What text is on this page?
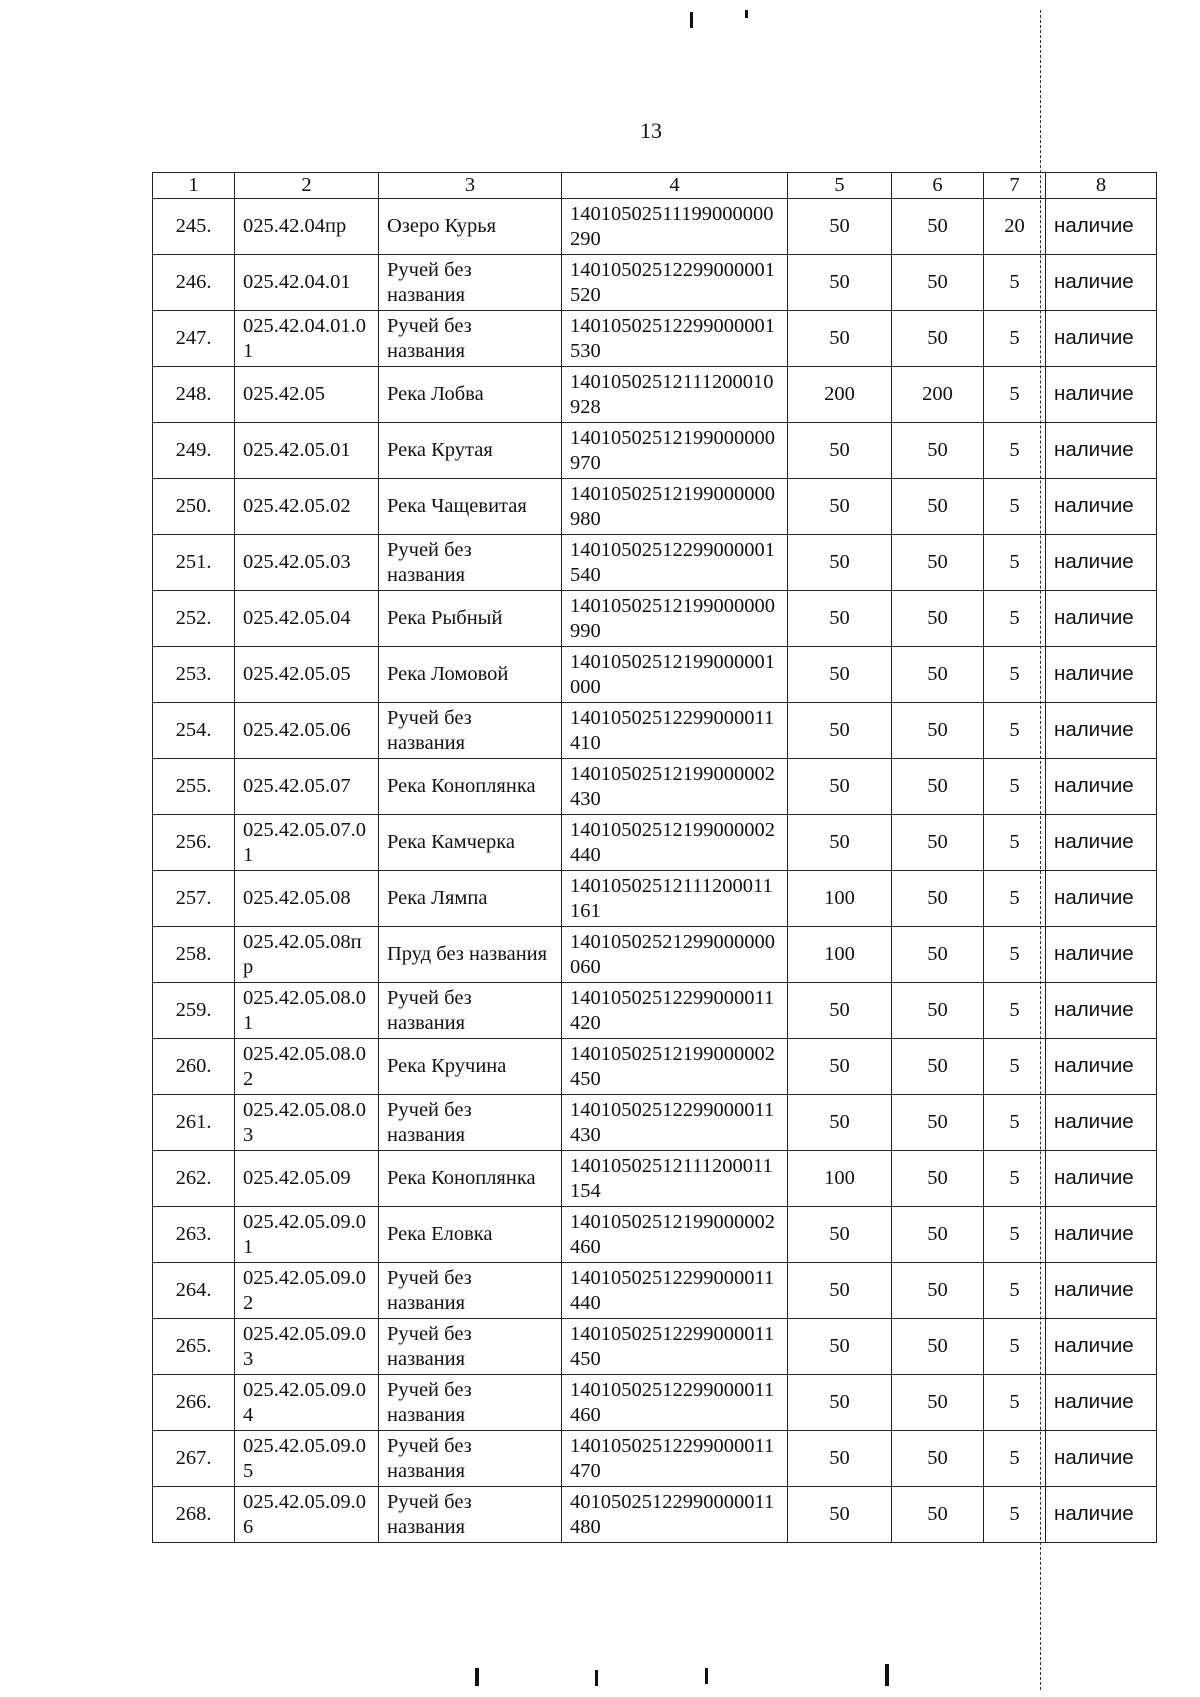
13
1	2	3	4	5	6	7	8
245.	025.42.04пр	Озеро Курья	14010502511199000000290	50	50	20	наличие
246.	025.42.04.01	Ручей без названия	14010502512299000001520	50	50	5	наличие
247.	025.42.04.01.01	Ручей без названия	14010502512299000001530	50	50	5	наличие
248.	025.42.05	Река Лобва	14010502512111200010928	200	200	5	наличие
249.	025.42.05.01	Река Крутая	14010502512199000000970	50	50	5	наличие
250.	025.42.05.02	Река Чащевитая	14010502512199000000980	50	50	5	наличие
251.	025.42.05.03	Ручей без названия	14010502512299000001540	50	50	5	наличие
252.	025.42.05.04	Река Рыбный	14010502512199000000990	50	50	5	наличие
253.	025.42.05.05	Река Ломовой	14010502512199000001000	50	50	5	наличие
254.	025.42.05.06	Ручей без названия	14010502512299000011410	50	50	5	наличие
255.	025.42.05.07	Река Коноплянка	14010502512199000002430	50	50	5	наличие
256.	025.42.05.07.01	Река Камчерка	14010502512199000002440	50	50	5	наличие
257.	025.42.05.08	Река Лямпа	14010502512111200011161	100	50	5	наличие
258.	025.42.05.08пр	Пруд без названия	14010502521299000000060	100	50	5	наличие
259.	025.42.05.08.01	Ручей без названия	14010502512299000011420	50	50	5	наличие
260.	025.42.05.08.02	Река Кручина	14010502512199000002450	50	50	5	наличие
261.	025.42.05.08.03	Ручей без названия	14010502512299000011430	50	50	5	наличие
262.	025.42.05.09	Река Коноплянка	14010502512111200011154	100	50	5	наличие
263.	025.42.05.09.01	Река Еловка	14010502512199000002460	50	50	5	наличие
264.	025.42.05.09.02	Ручей без названия	14010502512299000011440	50	50	5	наличие
265.	025.42.05.09.03	Ручей без названия	14010502512299000011450	50	50	5	наличие
266.	025.42.05.09.04	Ручей без названия	14010502512299000011460	50	50	5	наличие
267.	025.42.05.09.05	Ручей без названия	14010502512299000011470	50	50	5	наличие
268.	025.42.05.09.06	Ручей без названия	40105025122990000011480	50	50	5	наличие
